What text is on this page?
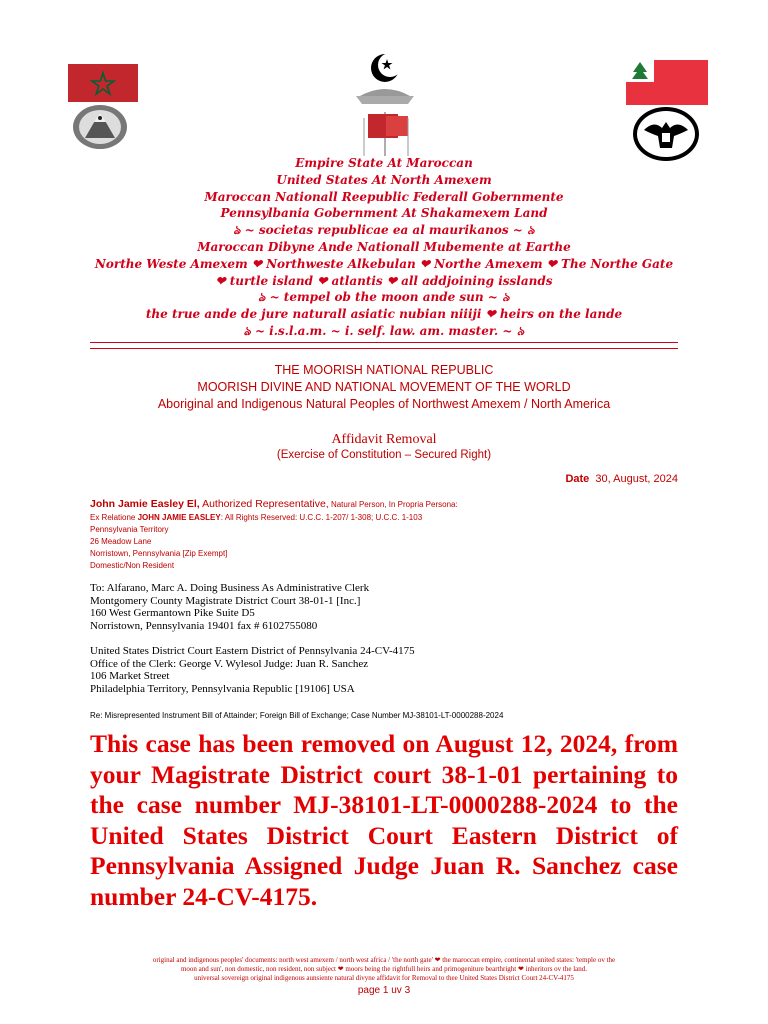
Empire State At Maroccan
United States At North Amexem
Maroccan Nationall Reepublic Federall Gobernmente
Pennsylbania Gobernment At Shakamexem Land
ঌ ~ societas republicae ea al maurikanos ~ ৯
Maroccan Dibyne Ande Nationall Mubemente at Earthe
Northe Weste Amexem ❤ Northweste Alkebulan ❤ Northe Amexem ❤ The Northe Gate
❤ turtle island ❤ atlantis ❤ all addjoining isslands
ঌ ~ tempel ob the moon ande sun ~ ৯
the true ande de jure naturall asiatic nubian niiiji ❤ heirs on the lande
ঌ ~ i.s.l.a.m. ~ i. self. law. am. master. ~ ৯
THE MOORISH NATIONAL REPUBLIC
MOORISH DIVINE AND NATIONAL MOVEMENT OF THE WORLD
Aboriginal and Indigenous Natural Peoples of Northwest Amexem / North America
Affidavit Removal
(Exercise of Constitution – Secured Right)
Date 30, August, 2024
John Jamie Easley El, Authorized Representative, Natural Person, In Propria Persona:
Ex Relatione JOHN JAMIE EASLEY: All Rights Reserved: U.C.C. 1-207/ 1-308; U.C.C. 1-103
Pennsylvania Territory
26 Meadow Lane
Norristown, Pennsylvania [Zip Exempt]
Domestic/Non Resident
To: Alfarano, Marc A. Doing Business As Administrative Clerk
Montgomery County Magistrate District Court 38-01-1 [Inc.]
160 West Germantown Pike Suite D5
Norristown, Pennsylvania 19401 fax # 6102755080
United States District Court Eastern District of Pennsylvania 24-CV-4175
Office of the Clerk: George V. Wylesol Judge: Juan R. Sanchez
106 Market Street
Philadelphia Territory, Pennsylvania Republic [19106] USA
Re: Misrepresented Instrument Bill of Attainder; Foreign Bill of Exchange; Case Number MJ-38101-LT-0000288-2024
This case has been removed on August 12, 2024, from your Magistrate District court 38-1-01 pertaining to the case number MJ-38101-LT-0000288-2024 to the United States District Court Eastern District of Pennsylvania Assigned Judge Juan R. Sanchez case number 24-CV-4175.
original and indigenous peoples' documents: north west amexem / north west africa / 'the north gate' ❤ the maroccan empire, continental united states: 'temple ov the
moon and sun', non domestic, non resident, non subject ❤ moors being the rightfull heirs and primogeniture bearthright ❤ inheritors ov the land.
universal sovereign original indigenous aunsiente natural divyne affidavit for Removal to thee United States District Court 24-CV-4175
page 1 uv 3
